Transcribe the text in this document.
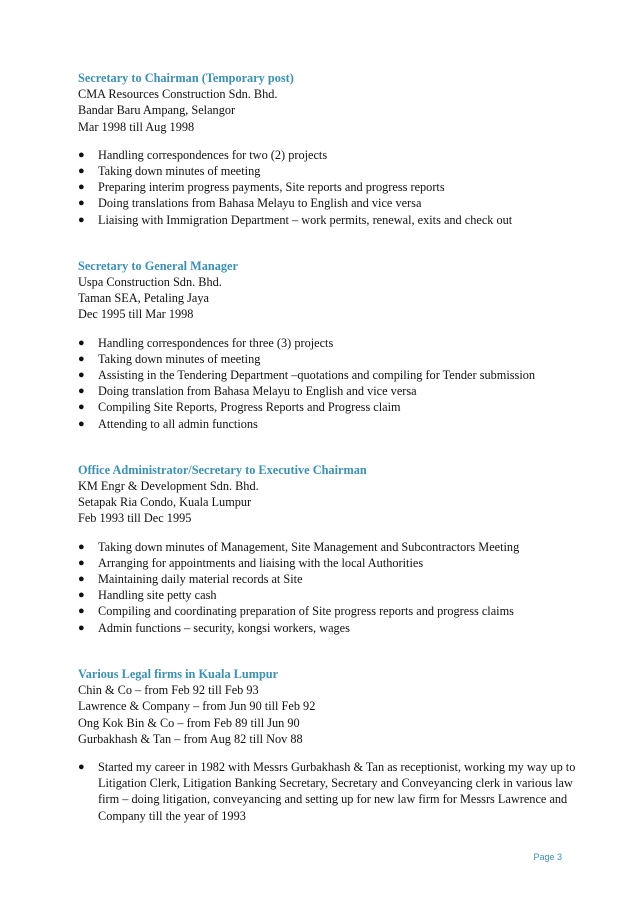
Secretary to Chairman (Temporary post)

CMA Resources Construction Sdn. Bhd.

Bandar Baru Ampang, Selangor

Mar 1998 till Aug 1998

●	Handling correspondences for two (2) projects
●	Taking down minutes of meeting
●	Preparing interim progress payments, Site reports and progress reports
●	Doing translations from Bahasa Melayu to English and vice versa
●	Liaising with Immigration Department – work permits, renewal, exits and check out

Secretary to General Manager

Uspa Construction Sdn. Bhd.

Taman SEA, Petaling Jaya

Dec 1995 till Mar 1998

●	Handling correspondences for three (3) projects
●	Taking down minutes of meeting
●	Assisting in the Tendering Department –quotations and compiling for Tender submission
●	Doing translation from Bahasa Melayu to English and vice versa
●	Compiling Site Reports, Progress Reports and Progress claim
●	Attending to all admin functions

Office Administrator/Secretary to Executive Chairman

KM Engr & Development Sdn. Bhd.

Setapak Ria Condo, Kuala Lumpur

Feb 1993 till Dec 1995

●	Taking down minutes of Management, Site Management and Subcontractors Meeting
●	Arranging for appointments and liaising with the local Authorities
●	Maintaining daily material records at Site
●	Handling site petty cash
●	Compiling and coordinating preparation of Site progress reports and progress claims
●	Admin functions – security, kongsi workers, wages

Various Legal firms in Kuala Lumpur

Chin & Co – from Feb 92 till Feb 93

Lawrence & Company – from Jun 90 till Feb 92

Ong Kok Bin & Co – from Feb 89 till Jun 90

Gurbakhash & Tan – from Aug 82 till Nov 88

●	Started my career in 1982 with Messrs Gurbakhash & Tan as receptionist, working my way up to Litigation Clerk, Litigation Banking Secretary, Secretary and Conveyancing clerk in various law firm – doing litigation, conveyancing and setting up for new law firm for Messrs Lawrence and Company till the year of 1993
Page 3
